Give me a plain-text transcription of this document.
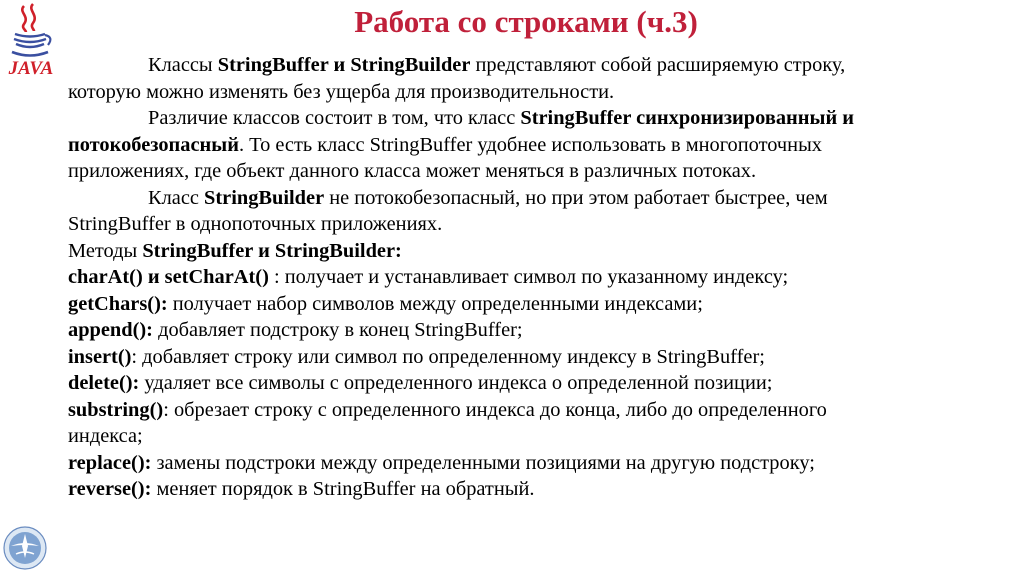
JAVA
Работа со строками (ч.3)
Классы StringBuffer и StringBuilder представляют собой расширяемую строку,
которую можно изменять без ущерба для производительности.
Различие классов состоит в том, что класс StringBuffer синхронизированный и
потокобезопасный. То есть класс StringBuffer удобнее использовать в многопоточных
приложениях, где объект данного класса может меняться в различных потоках.
Класс StringBuilder не потокобезопасный, но при этом работает быстрее, чем
StringBuffer в однопоточных приложениях.
Методы StringBuffer и StringBuilder:
charAt() и setCharAt() : получает и устанавливает символ по указанному индексу;
getChars(): получает набор символов между определенными индексами;
append(): добавляет подстроку в конец StringBuffer;
insert(): добавляет строку или символ по определенному индексу в StringBuffer;
delete(): удаляет все символы с определенного индекса о определенной позиции;
substring(): обрезает строку с определенного индекса до конца, либо до определенного
индекса;
replace(): замены подстроки между определенными позициями на другую подстроку;
reverse(): меняет порядок в StringBuffer на обратный.
